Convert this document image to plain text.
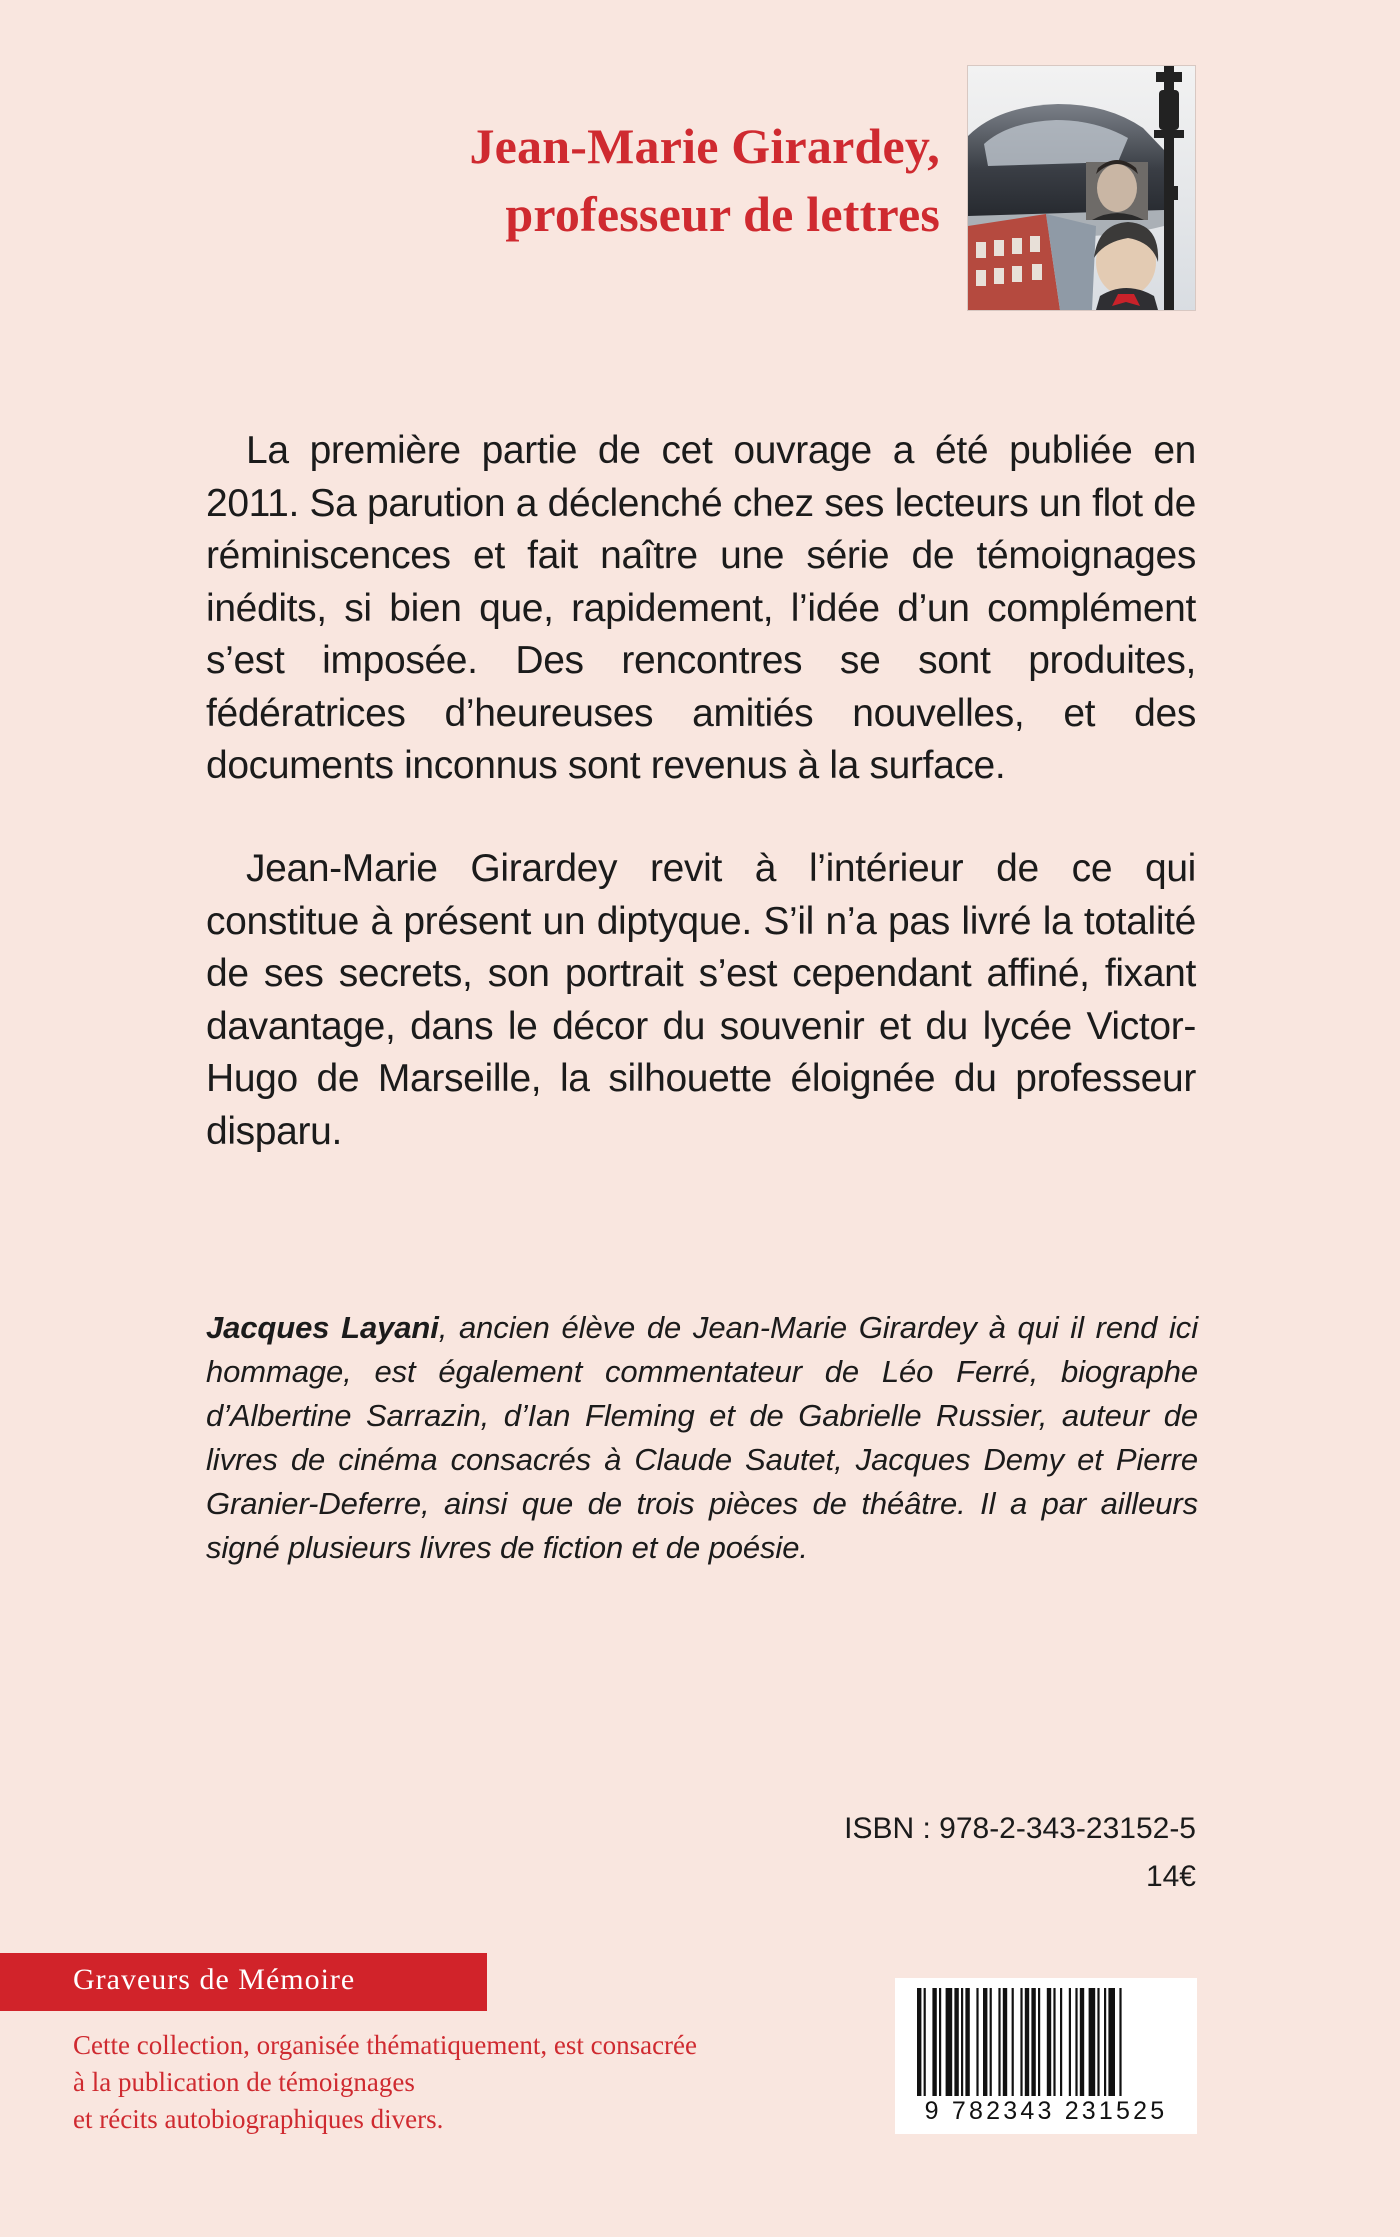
Jean-Marie Girardey,
professeur de lettres

La première partie de cet ouvrage a été publiée en 2011. Sa parution a déclenché chez ses lecteurs un flot de réminiscences et fait naître une série de témoignages inédits, si bien que, rapidement, l’idée d’un complément s’est imposée. Des rencontres se sont produites, fédératrices d’heureuses amitiés nouvelles, et des documents inconnus sont revenus à la surface.

Jean-Marie Girardey revit à l’intérieur de ce qui constitue à présent un diptyque. S’il n’a pas livré la totalité de ses secrets, son portrait s’est cependant affiné, fixant davantage, dans le décor du souvenir et du lycée Victor-Hugo de Marseille, la silhouette éloignée du professeur disparu.

Jacques Layani, ancien élève de Jean-Marie Girardey à qui il rend ici hommage, est également commentateur de Léo Ferré, biographe d’Albertine Sarrazin, d’Ian Fleming et de Gabrielle Russier, auteur de livres de cinéma consacrés à Claude Sautet, Jacques Demy et Pierre Granier-Deferre, ainsi que de trois pièces de théâtre. Il a par ailleurs signé plusieurs livres de fiction et de poésie.

ISBN : 978-2-343-23152-5
14€
Graveurs de Mémoire
Cette collection, organisée thématiquement, est consacrée
à la publication de témoignages
et récits autobiographiques divers.	9 782343 231525
